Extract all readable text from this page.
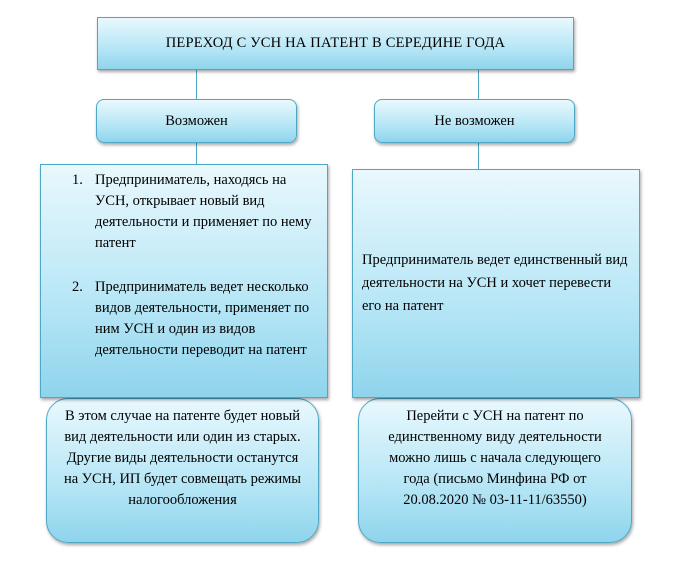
ПЕРЕХОД С УСН НА ПАТЕНТ В СЕРЕДИНЕ ГОДА
Возможен	Не возможен
В этом случае на патенте будет новый вид деятельности или один из старых. Другие виды деятельности останутся на УСН, ИП будет совмещать режимы налогообложения
Перейти с УСН на патент по единственному виду деятельности можно лишь с начала следующего года (письмо Минфина РФ от 20.08.2020 № 03-11-11/63550)
1. Предприниматель, находясь на УСН, открывает новый вид деятельности и применяет по нему патент
2. Предприниматель ведет несколько видов деятельности, применяет по ним УСН и один из видов деятельности переводит на патент
Предприниматель ведет единственный вид деятельности на УСН и хочет перевести его на патент
